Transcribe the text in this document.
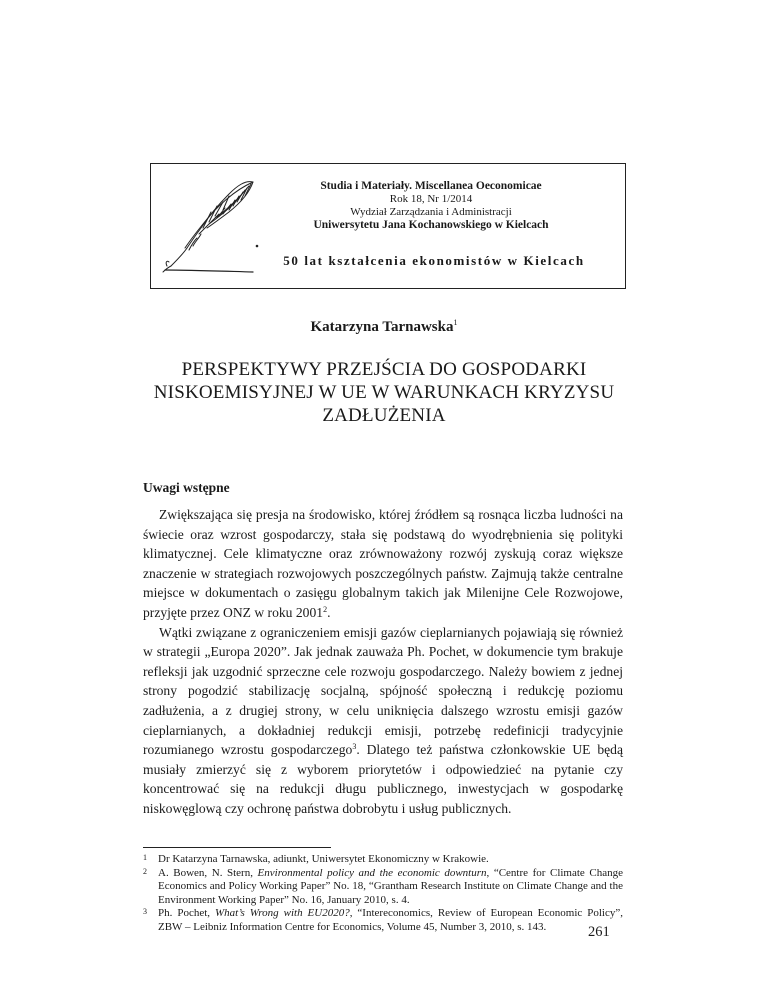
Studia i Materiały. Miscellanea Oeconomicae
Rok 18, Nr 1/2014
Wydział Zarządzania i Administracji
Uniwersytetu Jana Kochanowskiego w Kielcach
50 lat kształcenia ekonomistów w Kielcach
Katarzyna Tarnawska$^1$
PERSPEKTYWY PRZEJŚCIA DO GOSPODARKI
NISKOEMISYJNEJ W UE W WARUNKACH KRYZYSU
ZADŁUŻENIA
Uwagi wstępne

Zwiększająca się presja na środowisko, której źródłem są rosnąca liczba ludności na świecie oraz wzrost gospodarczy, stała się podstawą do wyodrębnienia się polityki klimatycznej. Cele klimatyczne oraz zrównoważony rozwój zyskują coraz większe znaczenie w strategiach rozwojowych poszczególnych państw. Zajmują także centralne miejsce w dokumentach o zasięgu globalnym takich jak Milenijne Cele Rozwojowe, przyjęte przez ONZ w roku 2001$^2$.

Wątki związane z ograniczeniem emisji gazów cieplarnianych pojawiają się również w strategii „Europa 2020”. Jak jednak zauważa Ph. Pochet, w dokumencie tym brakuje refleksji jak uzgodnić sprzeczne cele rozwoju gospodarczego. Należy bowiem z jednej strony pogodzić stabilizację socjalną, spójność społeczną i redukcję poziomu zadłużenia, a z drugiej strony, w celu uniknięcia dalszego wzrostu emisji gazów cieplarnianych, a dokładniej redukcji emisji, potrzebę redefinicji tradycyjnie rozumianego wzrostu gospodarczego$^3$. Dlatego też państwa członkowskie UE będą musiały zmierzyć się z wyborem priorytetów i odpowiedzieć na pytanie czy koncentrować się na redukcji długu publicznego, inwestycjach w gospodarkę niskowęglową czy ochronę państwa dobrobytu i usług publicznych.

1 Dr Katarzyna Tarnawska, adiunkt, Uniwersytet Ekonomiczny w Krakowie.
2 A. Bowen, N. Stern, Environmental policy and the economic downturn, “Centre for Climate Change Economics and Policy Working Paper” No. 18, “Grantham Research Institute on Climate Change and the Environment Working Paper” No. 16, January 2010, s. 4.
3 Ph. Pochet, What’s Wrong with EU2020?, “Intereconomics, Review of European Economic Policy”, ZBW – Leibniz Information Centre for Economics, Volume 45, Number 3, 2010, s. 143.	261
